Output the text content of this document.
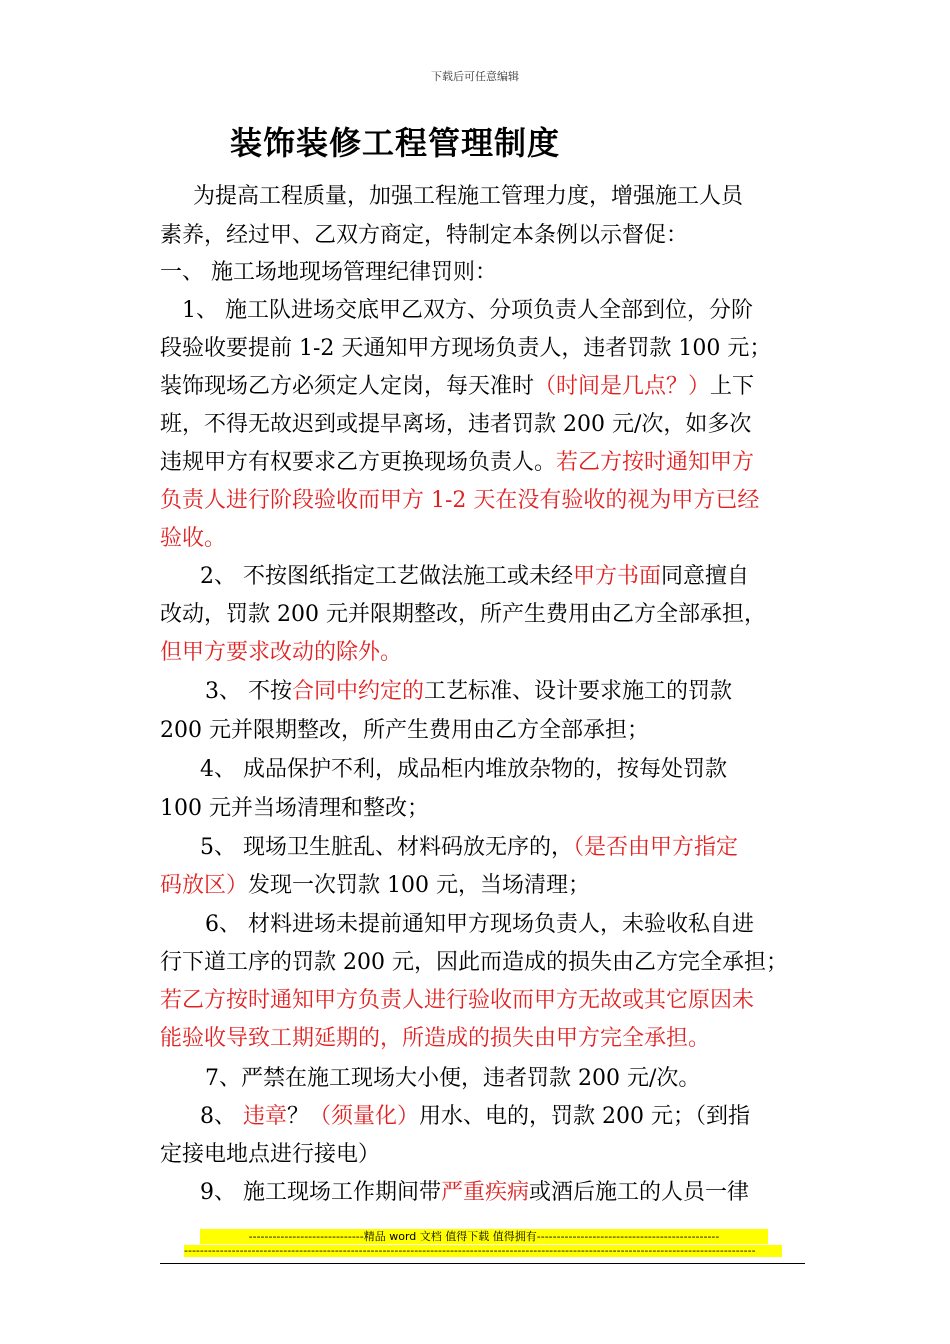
下载后可任意编辑
装饰装修工程管理制度
为提高工程质量，加强工程施工管理力度，增强施工人员
素养，经过甲、乙双方商定，特制定本条例以示督促：
一、 施工场地现场管理纪律罚则：
1、 施工队进场交底甲乙双方、分项负责人全部到位，分阶
段验收要提前 1-2 天通知甲方现场负责人，违者罚款 100 元；
装饰现场乙方必须定人定岗，每天准时（时间是几点？）上下
班，不得无故迟到或提早离场，违者罚款 200 元/次，如多次
违规甲方有权要求乙方更换现场负责人。若乙方按时通知甲方
负责人进行阶段验收而甲方 1-2 天在没有验收的视为甲方已经
验收。
2、 不按图纸指定工艺做法施工或未经甲方书面同意擅自
改动，罚款 200 元并限期整改，所产生费用由乙方全部承担，
但甲方要求改动的除外。
3、 不按合同中约定的工艺标准、设计要求施工的罚款
200 元并限期整改，所产生费用由乙方全部承担；
4、 成品保护不利，成品柜内堆放杂物的，按每处罚款
100 元并当场清理和整改；
5、 现场卫生脏乱、材料码放无序的，（是否由甲方指定
码放区）发现一次罚款 100 元，当场清理；
6、 材料进场未提前通知甲方现场负责人，未验收私自进
行下道工序的罚款 200 元，因此而造成的损失由乙方完全承担；
若乙方按时通知甲方负责人进行验收而甲方无故或其它原因未
能验收导致工期延期的，所造成的损失由甲方完全承担。
7、严禁在施工现场大小便，违者罚款 200 元/次。
8、 违章？（须量化）用水、电的，罚款 200 元；（到指
定接电地点进行接电）
9、 施工现场工作期间带严重疾病或酒后施工的人员一律
-----------------------------精品 word 文档 值得下载 值得拥有----------------------------------------------
------------------------------------------------------------------------------------------------------------------------------------------------
